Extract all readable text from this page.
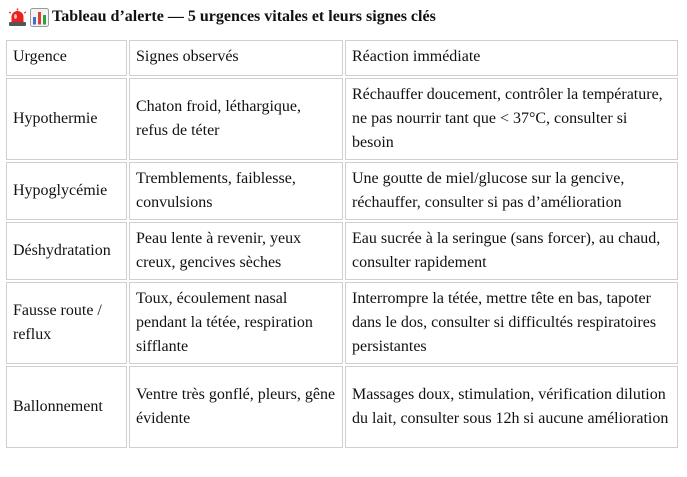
Tableau d’alerte — 5 urgences vitales et leurs signes clés
Urgence	Signes observés	Réaction immédiate
Hypothermie	Chaton froid, léthargique, refus de téter	Réchauffer doucement, contrôler la température, ne pas nourrir tant que < 37°C, consulter si besoin
Hypoglycémie	Tremblements, faiblesse, convulsions	Une goutte de miel/glucose sur la gencive, réchauffer, consulter si pas d’amélioration
Déshydratation	Peau lente à revenir, yeux creux, gencives sèches	Eau sucrée à la seringue (sans forcer), au chaud, consulter rapidement
Fausse route / reflux	Toux, écoulement nasal pendant la tétée, respiration sifflante	Interrompre la tétée, mettre tête en bas, tapoter dans le dos, consulter si difficultés respiratoires persistantes
Ballonnement	Ventre très gonflé, pleurs, gêne évidente	Massages doux, stimulation, vérification dilution du lait, consulter sous 12h si aucune amélioration
